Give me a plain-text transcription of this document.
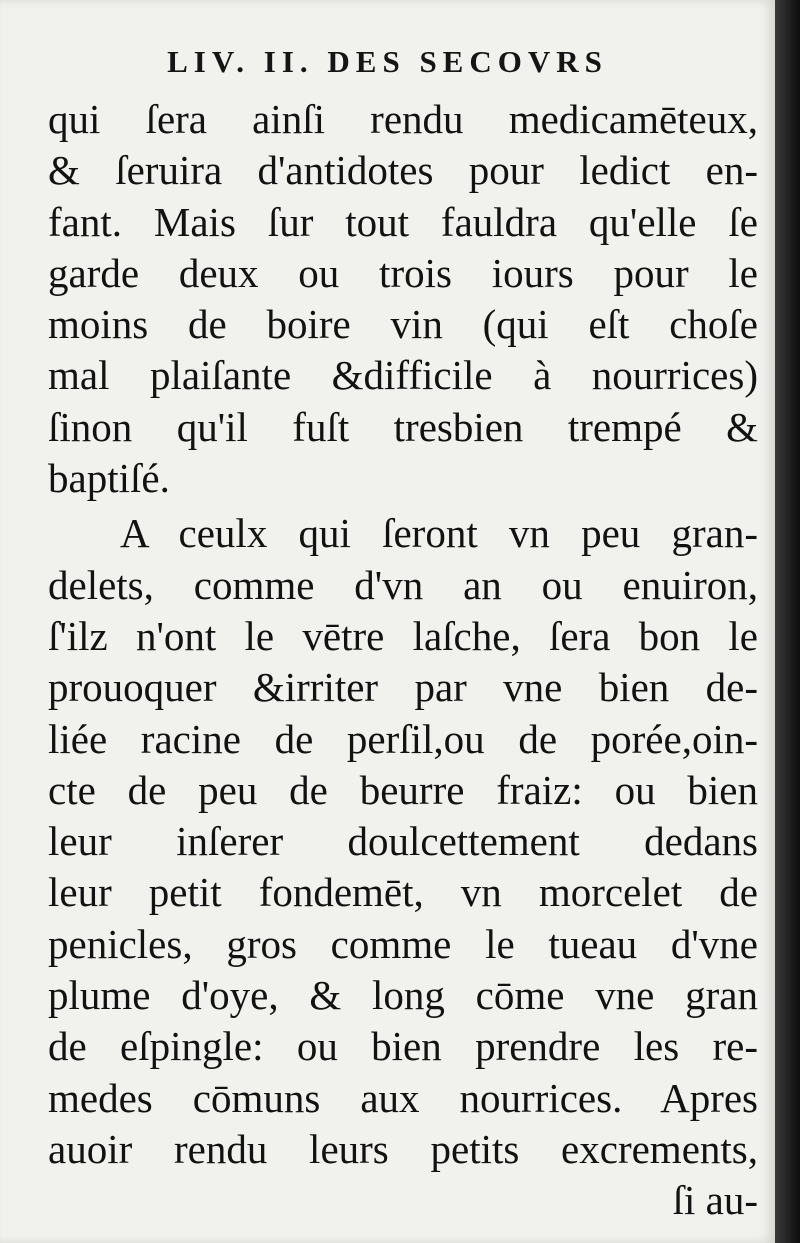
LIV. II. DES SECOVRS
qui ſera ainſi rendu medicamēteux,
& ſeruira d'antidotes pour ledict en-
fant. Mais ſur tout fauldra qu'elle ſe
garde deux ou trois iours pour le
moins de boire vin (qui eſt choſe
mal plaiſante &difficile à nourrices)
ſinon qu'il fuſt tresbien trempé &
baptiſé.
A ceulx qui ſeront vn peu gran-
delets, comme d'vn an ou enuiron,
ſ'ilz n'ont le vētre laſche, ſera bon le
prouoquer &irriter par vne bien de-
liée racine de perſil,ou de porée,oin-
cte de peu de beurre fraiz: ou bien
leur inſerer doulcettement dedans
leur petit fondemēt, vn morcelet de
penicles, gros comme le tueau d'vne
plume d'oye, & long cōme vne gran
de eſpingle: ou bien prendre les re-
medes cōmuns aux nourrices. Apres
auoir rendu leurs petits excrements,
ſi au-
